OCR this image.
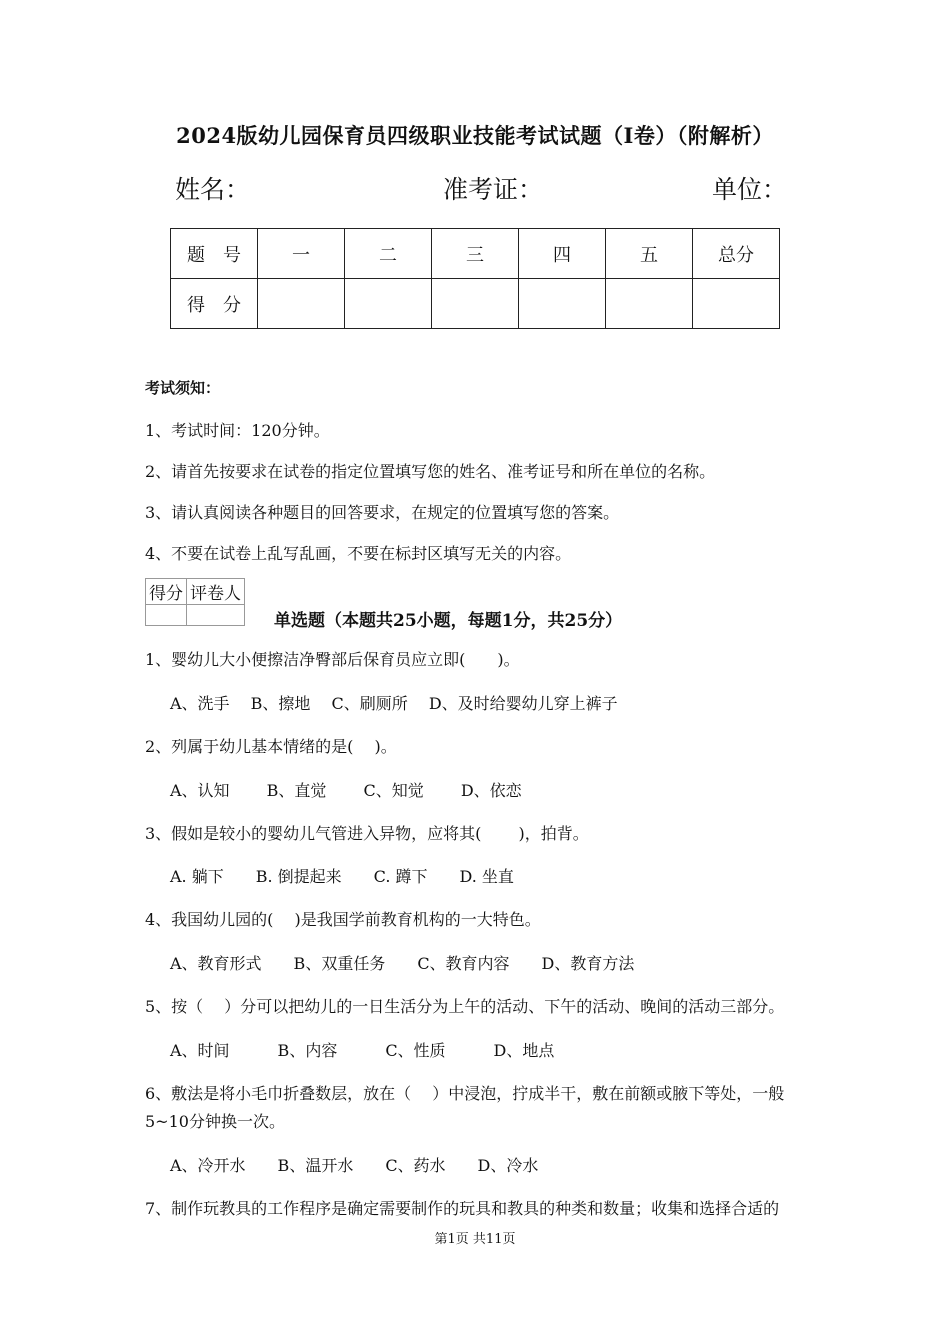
2024版幼儿园保育员四级职业技能考试试题（I卷）（附解析）
姓名：	准考证：	单位：
题　号	一	二	三	四	五	总分
得　分						
考试须知：
1、考试时间：120分钟。
2、请首先按要求在试卷的指定位置填写您的姓名、准考证号和所在单位的名称。
3、请认真阅读各种题目的回答要求，在规定的位置填写您的答案。
4、不要在试卷上乱写乱画，不要在标封区填写无关的内容。
得分	评卷人

单选题（本题共25小题，每题1分，共25分）
1、婴幼儿大小便擦洁净臀部后保育员应立即(　　)。
A、洗手　 B、擦地　 C、刷厕所　 D、及时给婴幼儿穿上裤子
2、列属于幼儿基本情绪的是(　 )。
A、认知　　 B、直觉　　 C、知觉　　 D、依恋
3、假如是较小的婴幼儿气管进入异物，应将其(　　 )，拍背。
A. 躺下　　B. 倒提起来　　C. 蹲下　　D. 坐直
4、我国幼儿园的(　 )是我国学前教育机构的一大特色。
A、教育形式　　B、双重任务　　C、教育内容　　D、教育方法
5、按（　 ）分可以把幼儿的一日生活分为上午的活动、下午的活动、晚间的活动三部分。
A、时间　　　B、内容　　　C、性质　　　D、地点
6、敷法是将小毛巾折叠数层，放在（　 ）中浸泡，拧成半干，敷在前额或腋下等处，一般
5~10分钟换一次。
A、冷开水　　B、温开水　　C、药水　　D、冷水
7、制作玩教具的工作程序是确定需要制作的玩具和教具的种类和数量；收集和选择合适的
第1页 共11页
